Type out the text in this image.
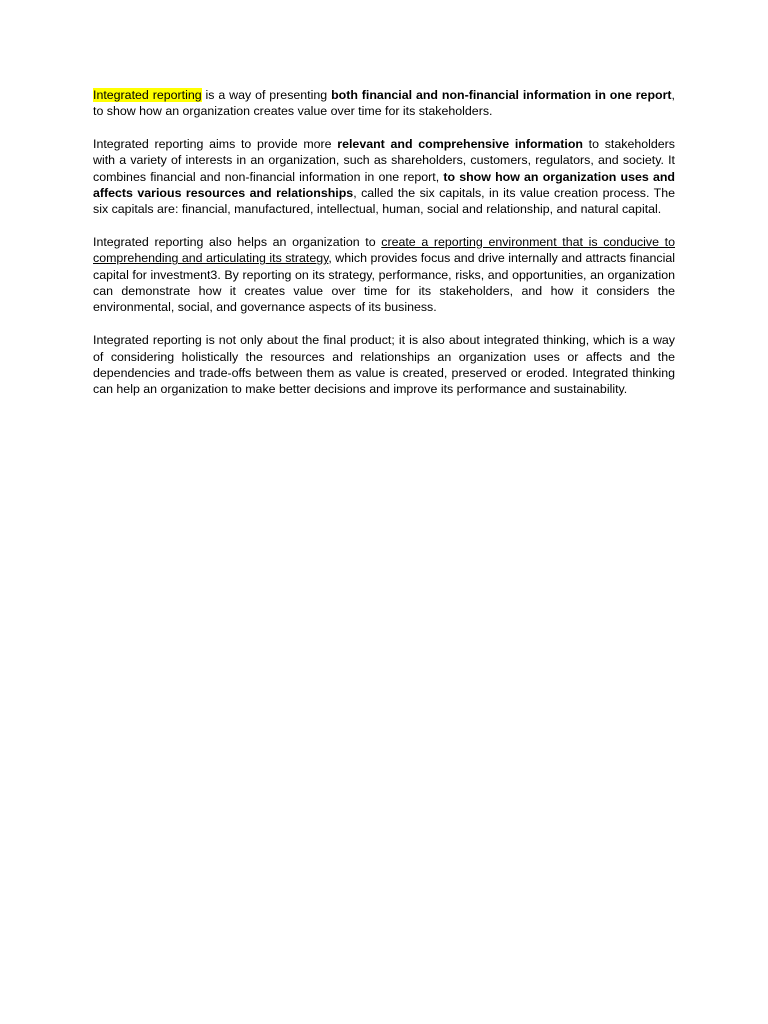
Integrated reporting is a way of presenting both financial and non-financial information in one report, to show how an organization creates value over time for its stakeholders.

Integrated reporting aims to provide more relevant and comprehensive information to stakeholders with a variety of interests in an organization, such as shareholders, customers, regulators, and society. It combines financial and non-financial information in one report, to show how an organization uses and affects various resources and relationships, called the six capitals, in its value creation process. The six capitals are: financial, manufactured, intellectual, human, social and relationship, and natural capital.

Integrated reporting also helps an organization to create a reporting environment that is conducive to comprehending and articulating its strategy, which provides focus and drive internally and attracts financial capital for investment3. By reporting on its strategy, performance, risks, and opportunities, an organization can demonstrate how it creates value over time for its stakeholders, and how it considers the environmental, social, and governance aspects of its business.

Integrated reporting is not only about the final product; it is also about integrated thinking, which is a way of considering holistically the resources and relationships an organization uses or affects and the dependencies and trade-offs between them as value is created, preserved or eroded. Integrated thinking can help an organization to make better decisions and improve its performance and sustainability.
